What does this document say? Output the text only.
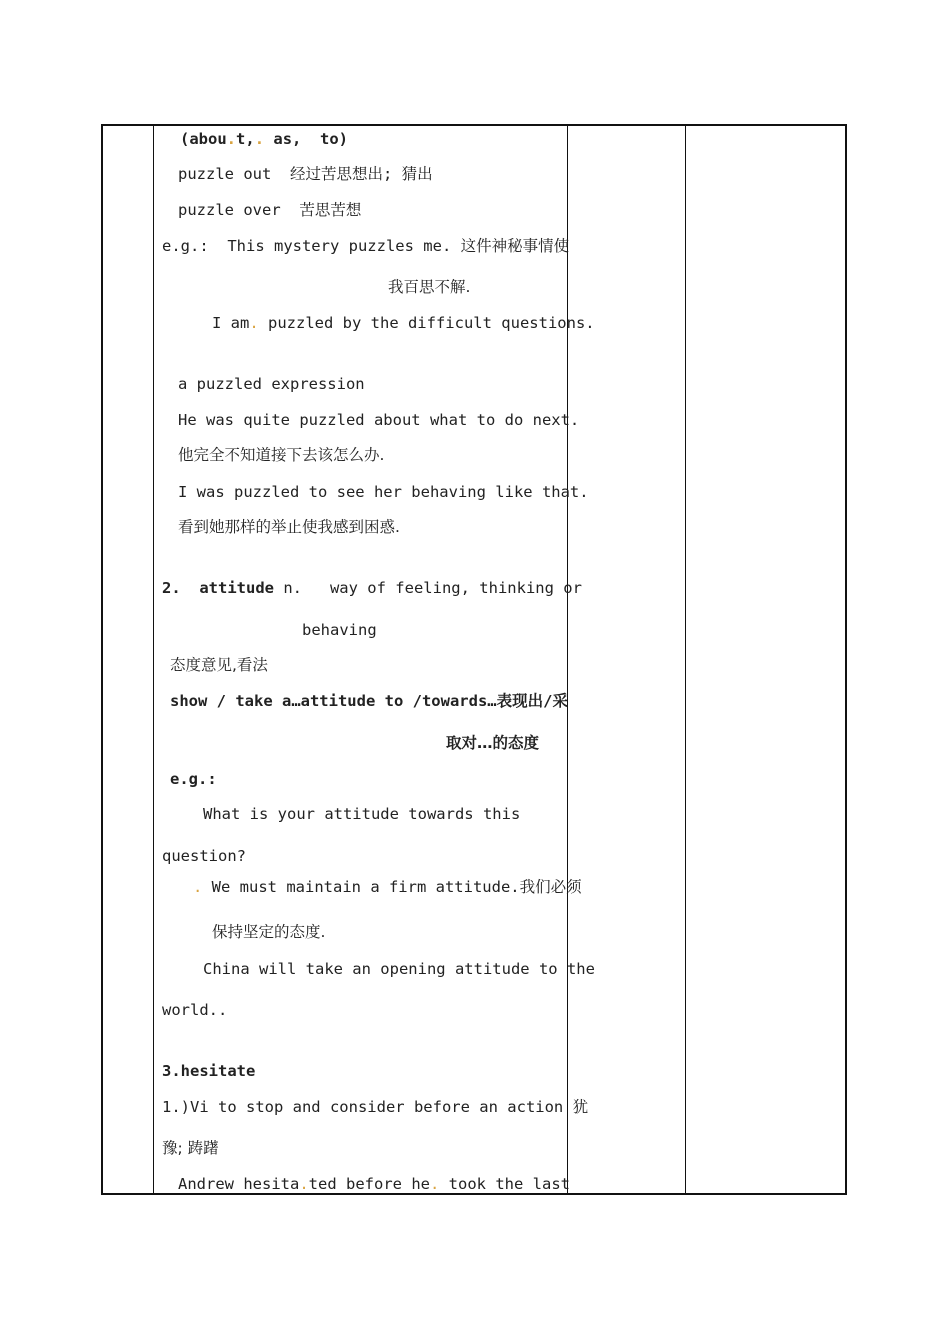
(abou.t,. as,  to)
puzzle out  经过苦思想出; 猜出
puzzle over  苦思苦想
e.g.:  This mystery puzzles me. 这件神秘事情使
我百思不解.
I am. puzzled by the difficult questions.
a puzzled expression
He was quite puzzled about what to do next.
他完全不知道接下去该怎么办.
I was puzzled to see her behaving like that.
看到她那样的举止使我感到困惑.
2.  attitude n.   way of feeling, thinking or
behaving
态度意见,看法
show / take a…attitude to /towards…表现出/采
取对…的态度
e.g.:
What is your attitude towards this
question?
. We must maintain a firm attitude.我们必须
保持坚定的态度.
China will take an opening attitude to the
world..
3.hesitate
1.)Vi to stop and consider before an action 犹
豫; 踌躇
Andrew hesita.ted before he. took the last
